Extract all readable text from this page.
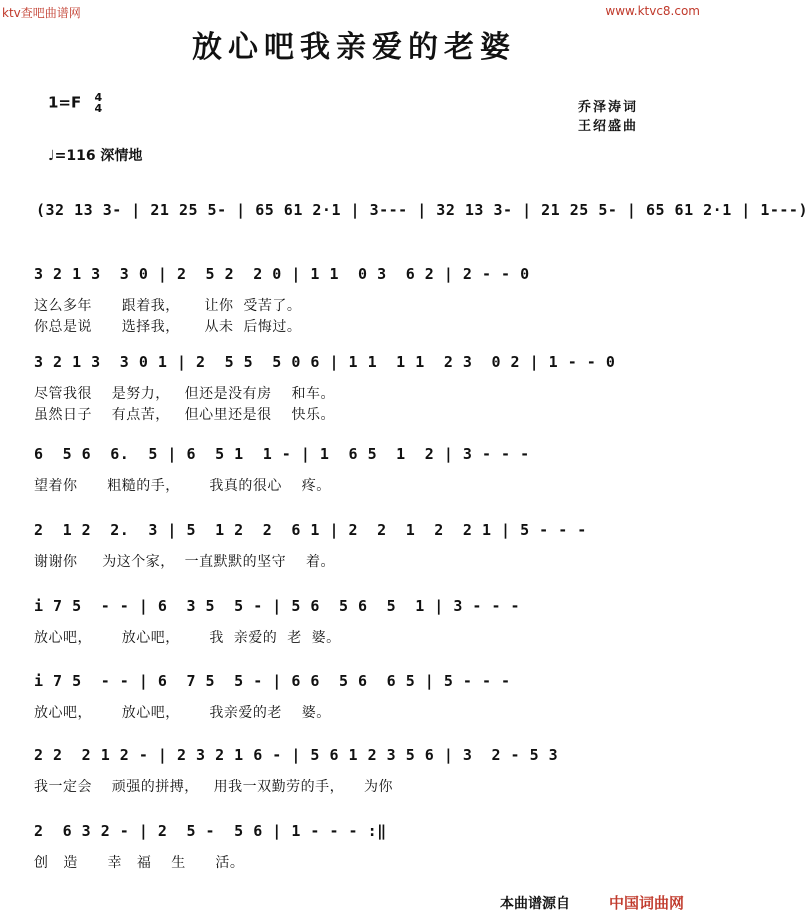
ktv查吧曲谱网	www.ktvc8.com
放心吧我亲爱的老婆
1=F 4
4	乔泽涛词
王绍盛曲
♩=116 深情地
(32 13 3- | 21 25 5- | 65 61 2·1 | 3--- | 32 13 3- | 21 25 5- | 65 61 2·1 | 1---)
3 2 1 3  3 0 | 2  5 2  2 0 | 1 1  0 3  6 2 | 2 - - 0
这么多年      跟着我，     让你  受苦了。
你总是说      选择我，     从未  后悔过。
3 2 1 3  3 0 1 | 2  5 5  5 0 6 | 1 1  1 1  2 3  0 2 | 1 - - 0
尽管我很    是努力，   但还是没有房    和车。
虽然日子    有点苦，   但心里还是很    快乐。
6  5 6  6.  5 | 6  5 1  1 - | 1  6 5  1  2 | 3 - - -
望着你      粗糙的手，      我真的很心    疼。
2  1 2  2.  3 | 5  1 2  2  6 1 | 2  2  1  2  2 1 | 5 - - -
谢谢你     为这个家，  一直默默的坚守    着。
i 7 5  - - | 6  3 5  5 - | 5 6  5 6  5  1 | 3 - - -
放心吧，      放心吧，      我  亲爱的  老  婆。
i 7 5  - - | 6  7 5  5 - | 6 6  5 6  6 5 | 5 - - -
放心吧，      放心吧，      我亲爱的老    婆。
2 2  2 1 2 - | 2 3 2 1 6 - | 5 6 1 2 3 5 6 | 3  2 - 5 3
我一定会    顽强的拼搏，   用我一双勤劳的手，    为你
2  6 3 2 - | 2  5 -  5 6 | 1 - - - :‖
创   造      幸   福    生      活。
本曲谱源自	中国词曲网
